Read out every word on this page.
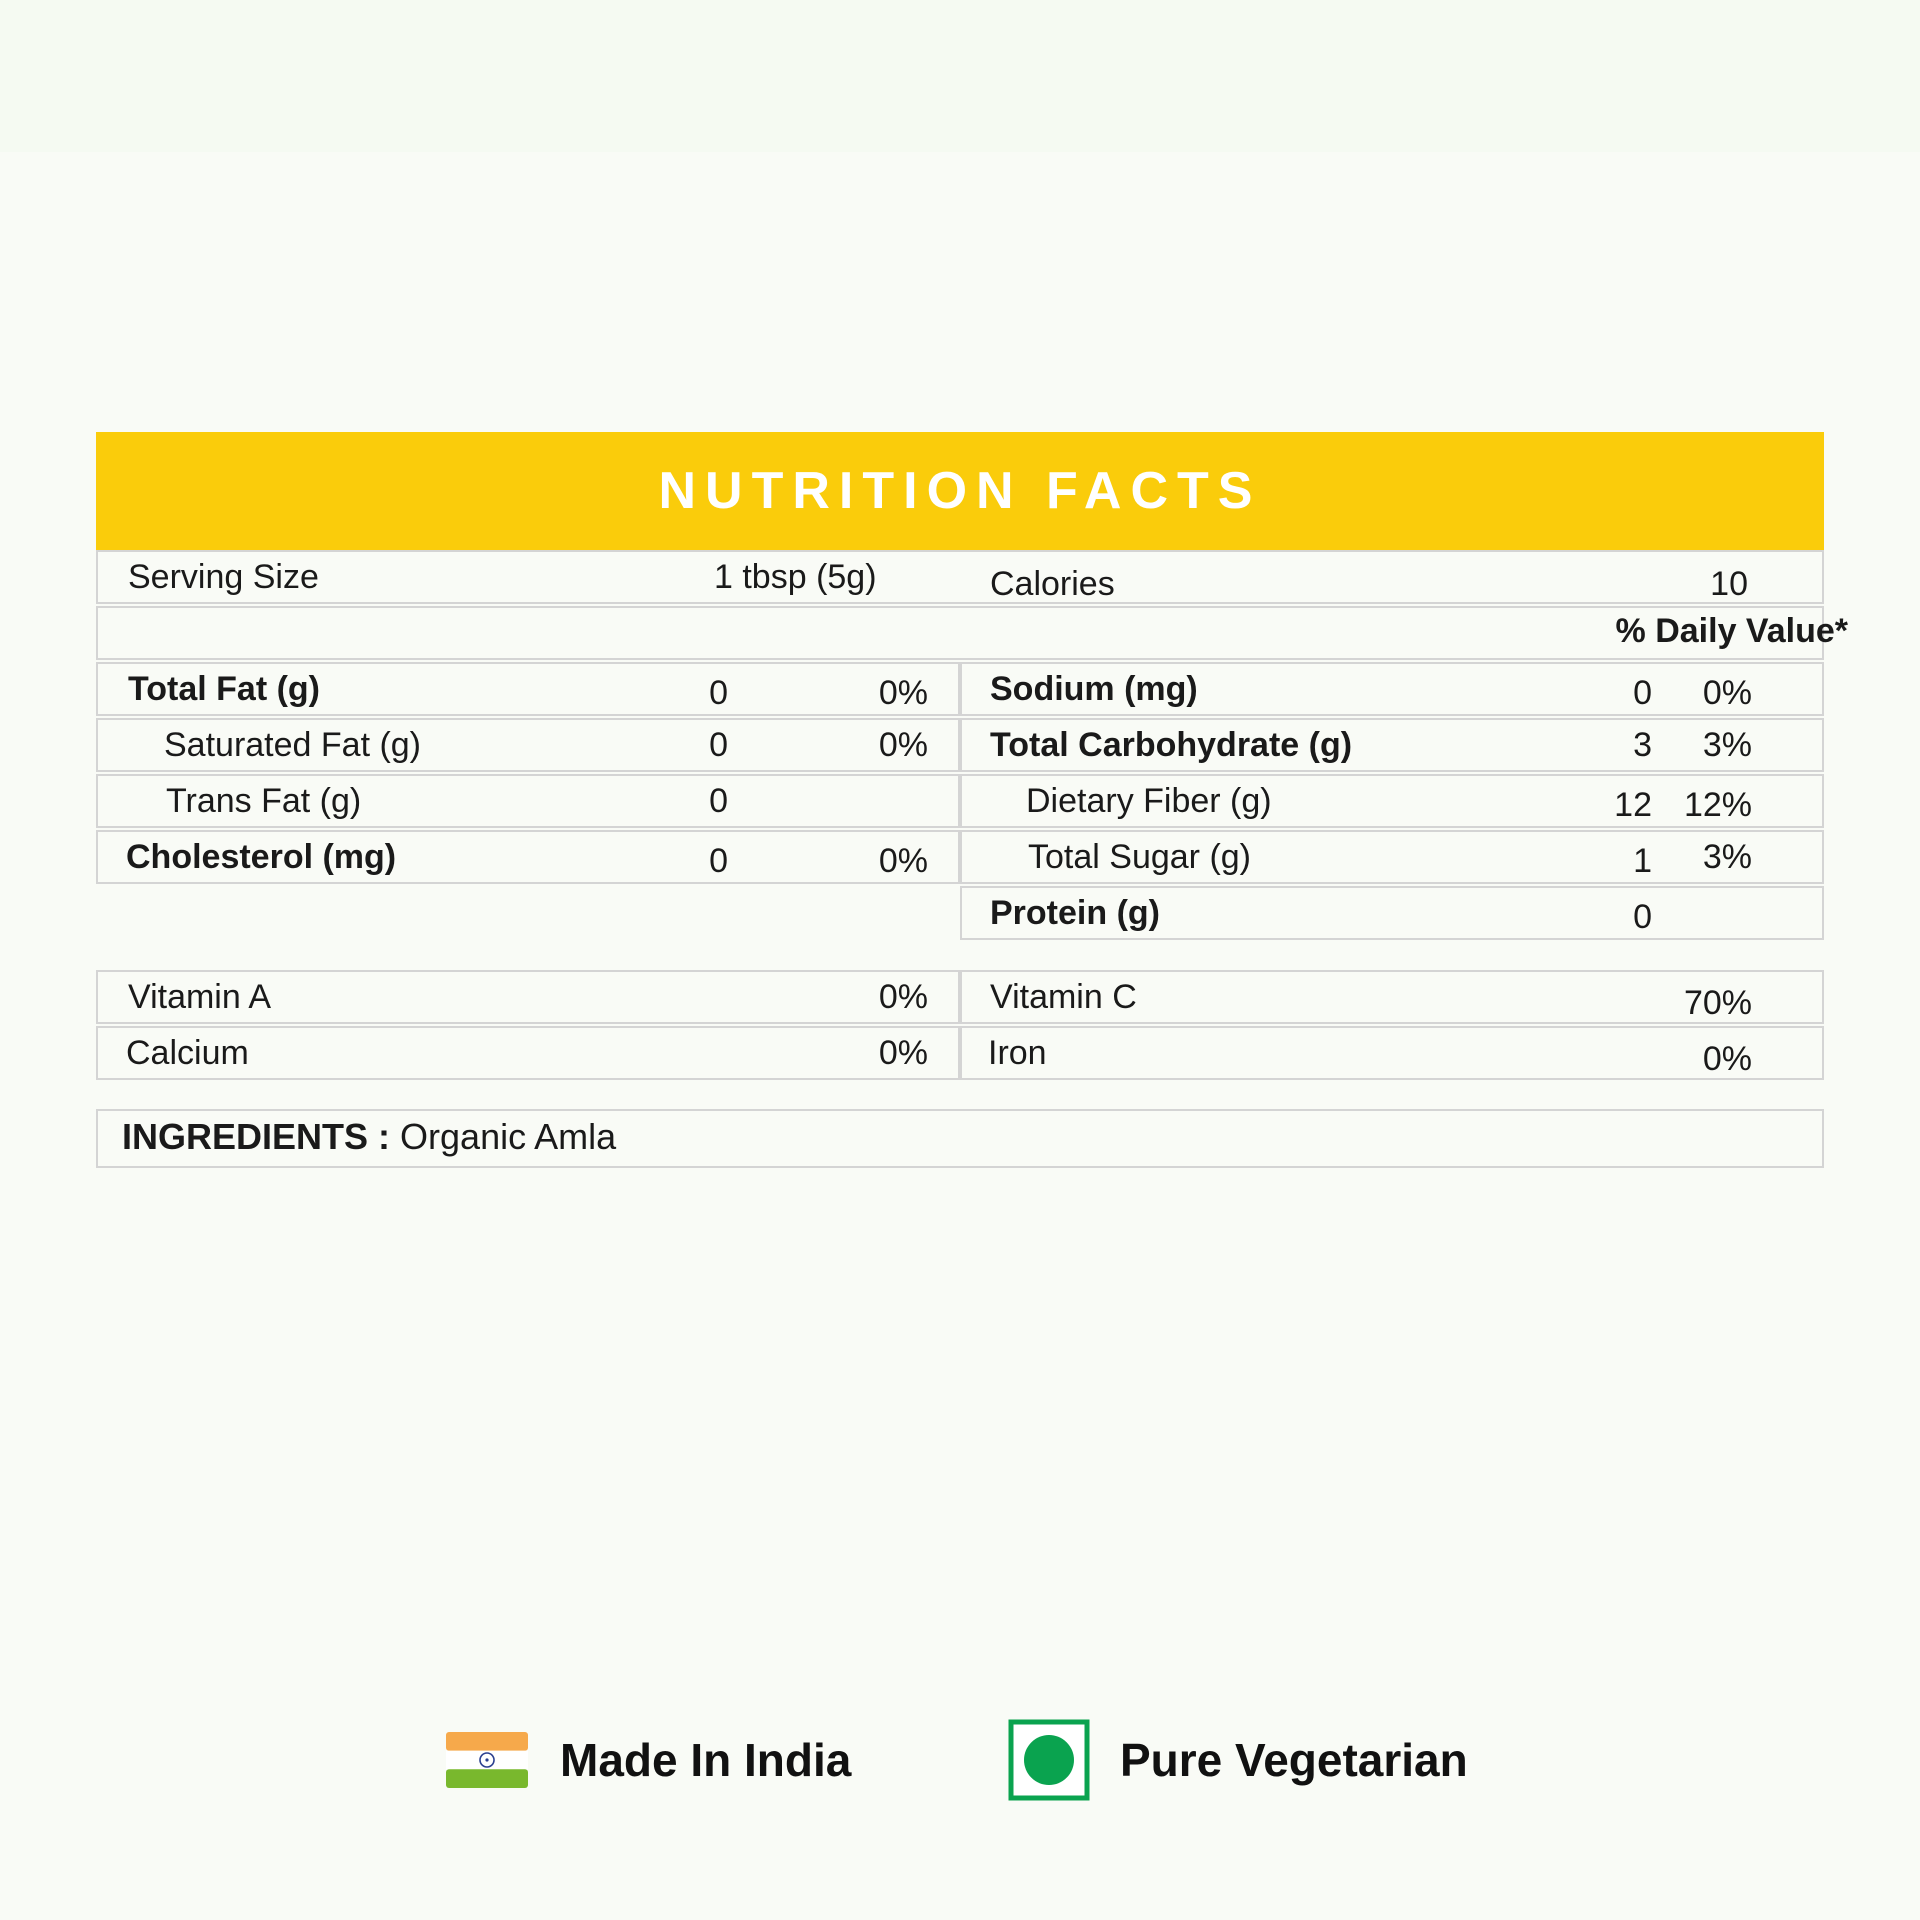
NUTRITION FACTS
Serving Size	1 tbsp (5g)	Calories	10
% Daily Value*
Total Fat (g)	0	0%
Saturated Fat (g)	0	0%
Trans Fat (g)	0
Cholesterol (mg)	0	0%
Sodium (mg)	0	0%
Total Carbohydrate (g)	3	3%
Dietary Fiber (g)	12 12%
Total Sugar (g)	1	3%
Protein (g)	0
Vitamin A	0%
Calcium	0%
Vitamin C	70%
Iron	0%
INGREDIENTS : Organic Amla
Made In India	Pure Vegetarian
